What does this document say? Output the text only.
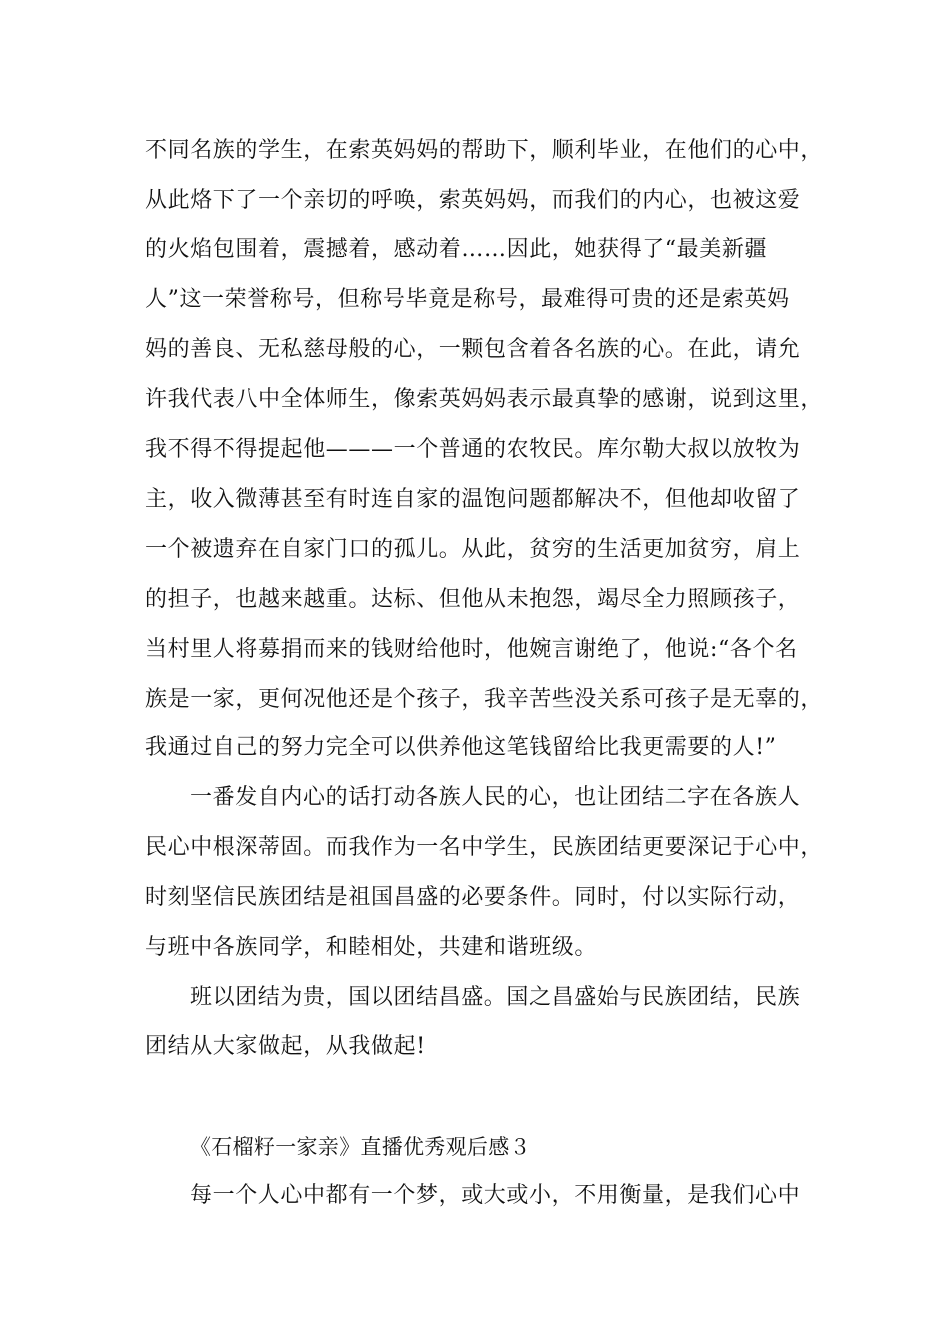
不同名族的学生，在索英妈妈的帮助下，顺利毕业，在他们的心中，
从此烙下了一个亲切的呼唤，索英妈妈，而我们的内心，也被这爱
的火焰包围着，震撼着，感动着……因此，她获得了“最美新疆
人”这一荣誉称号，但称号毕竟是称号，最难得可贵的还是索英妈
妈的善良、无私慈母般的心，一颗包含着各名族的心。在此，请允
许我代表八中全体师生，像索英妈妈表示最真挚的感谢，说到这里，
我不得不得提起他———一个普通的农牧民。库尔勒大叔以放牧为
主，收入微薄甚至有时连自家的温饱问题都解决不，但他却收留了
一个被遗弃在自家门口的孤儿。从此，贫穷的生活更加贫穷，肩上
的担子，也越来越重。达标、但他从未抱怨，竭尽全力照顾孩子，
当村里人将募捐而来的钱财给他时，他婉言谢绝了，他说:“各个名
族是一家，更何况他还是个孩子，我辛苦些没关系可孩子是无辜的，
我通过自己的努力完全可以供养他这笔钱留给比我更需要的人!”
一番发自内心的话打动各族人民的心，也让团结二字在各族人
民心中根深蒂固。而我作为一名中学生，民族团结更要深记于心中，
时刻坚信民族团结是祖国昌盛的必要条件。同时，付以实际行动，
与班中各族同学，和睦相处，共建和谐班级。
班以团结为贵，国以团结昌盛。国之昌盛始与民族团结，民族
团结从大家做起，从我做起!
《石榴籽一家亲》直播优秀观后感３
每一个人心中都有一个梦，或大或小，不用衡量，是我们心中
